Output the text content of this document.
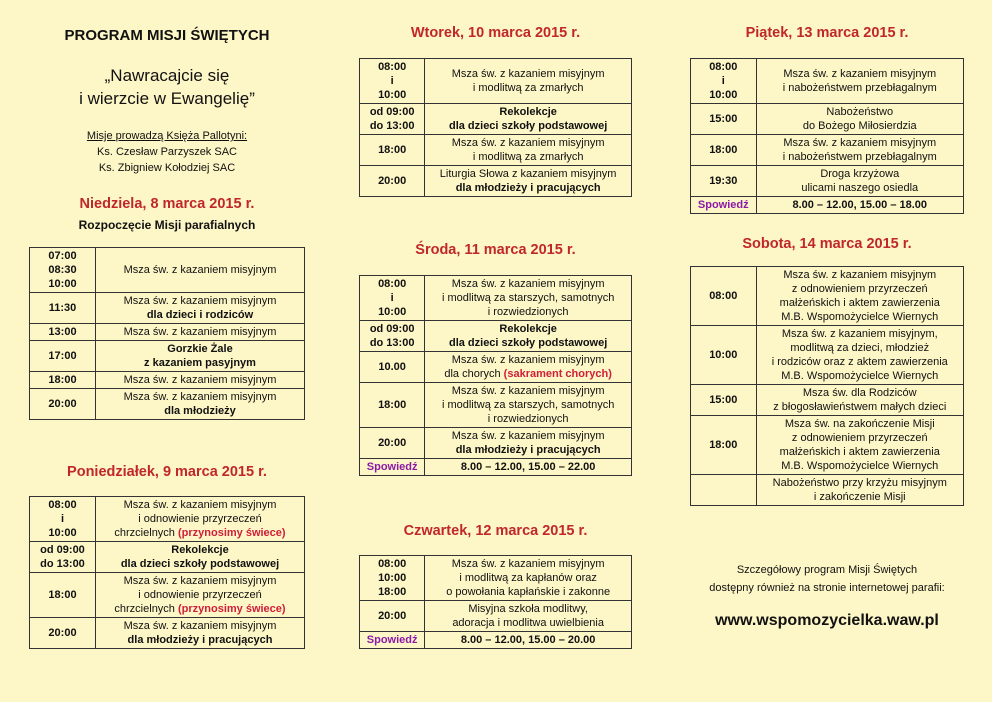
PROGRAM MISJI ŚWIĘTYCH
„Nawracajcie się
i wierzcie w Ewangelię”
Misje prowadzą Księża Pallotyni:
Ks. Czesław Parzyszek SAC
Ks. Zbigniew Kołodziej SAC
Niedziela, 8 marca 2015 r.
Rozpoczęcie Misji parafialnych
07:00
08:30
10:00	Msza św. z kazaniem misyjnym

11:30	Msza św. z kazaniem misyjnym
dla dzieci i rodziców

13:00	Msza św. z kazaniem misyjnym

17:00	Gorzkie Żale
z kazaniem pasyjnym

18:00	Msza św. z kazaniem misyjnym

20:00	Msza św. z kazaniem misyjnym
dla młodzieży
Poniedziałek, 9 marca 2015 r.
08:00
i
10:00	Msza św. z kazaniem misyjnym
i odnowienie przyrzeczeń
chrzcielnych (przynosimy świece)

od 09:00
do 13:00	Rekolekcje
dla dzieci szkoły podstawowej

18:00	Msza św. z kazaniem misyjnym
i odnowienie przyrzeczeń
chrzcielnych (przynosimy świece)

20:00	Msza św. z kazaniem misyjnym
dla młodzieży i pracujących
Wtorek, 10 marca 2015 r.
08:00
i
10:00	Msza św. z kazaniem misyjnym
i modlitwą za zmarłych

od 09:00
do 13:00	Rekolekcje
dla dzieci szkoły podstawowej

18:00	Msza św. z kazaniem misyjnym
i modlitwą za zmarłych

20:00	Liturgia Słowa z kazaniem misyjnym
dla młodzieży i pracujących
Środa, 11 marca 2015 r.
08:00
i
10:00	Msza św. z kazaniem misyjnym
i modlitwą za starszych, samotnych
i rozwiedzionych

od 09:00
do 13:00	Rekolekcje
dla dzieci szkoły podstawowej

10.00	Msza św. z kazaniem misyjnym
dla chorych (sakrament chorych)

18:00	Msza św. z kazaniem misyjnym
i modlitwą za starszych, samotnych
i rozwiedzionych

20:00	Msza św. z kazaniem misyjnym
dla młodzieży i pracujących

Spowiedź	8.00 – 12.00, 15.00 – 22.00
Czwartek, 12 marca 2015 r.
08:00
10:00
18:00	Msza św. z kazaniem misyjnym
i modlitwą za kapłanów oraz
o powołania kapłańskie i zakonne

20:00	Misyjna szkoła modlitwy,
adoracja i modlitwa uwielbienia

Spowiedź	8.00 – 12.00, 15.00 – 20.00
Piątek, 13 marca 2015 r.
08:00
i
10:00	Msza św. z kazaniem misyjnym
i nabożeństwem przebłagalnym

15:00	Nabożeństwo
do Bożego Miłosierdzia

18:00	Msza św. z kazaniem misyjnym
i nabożeństwem przebłagalnym

19:30	Droga krzyżowa
ulicami naszego osiedla

Spowiedź	8.00 – 12.00, 15.00 – 18.00
Sobota, 14 marca 2015 r.
08:00	Msza św. z kazaniem misyjnym
z odnowieniem przyrzeczeń
małżeńskich i aktem zawierzenia
M.B. Wspomożycielce Wiernych

10:00	Msza św. z kazaniem misyjnym,
modlitwą za dzieci, młodzież
i rodziców oraz z aktem zawierzenia
M.B. Wspomożycielce Wiernych

15:00	Msza św. dla Rodziców
z błogosławieństwem małych dzieci

18:00	Msza św. na zakończenie Misji
z odnowieniem przyrzeczeń
małżeńskich i aktem zawierzenia
M.B. Wspomożycielce Wiernych

	Nabożeństwo przy krzyżu misyjnym
i zakończenie Misji
Szczegółowy program Misji Świętych
dostępny również na stronie internetowej parafii:
www.wspomozycielka.waw.pl
